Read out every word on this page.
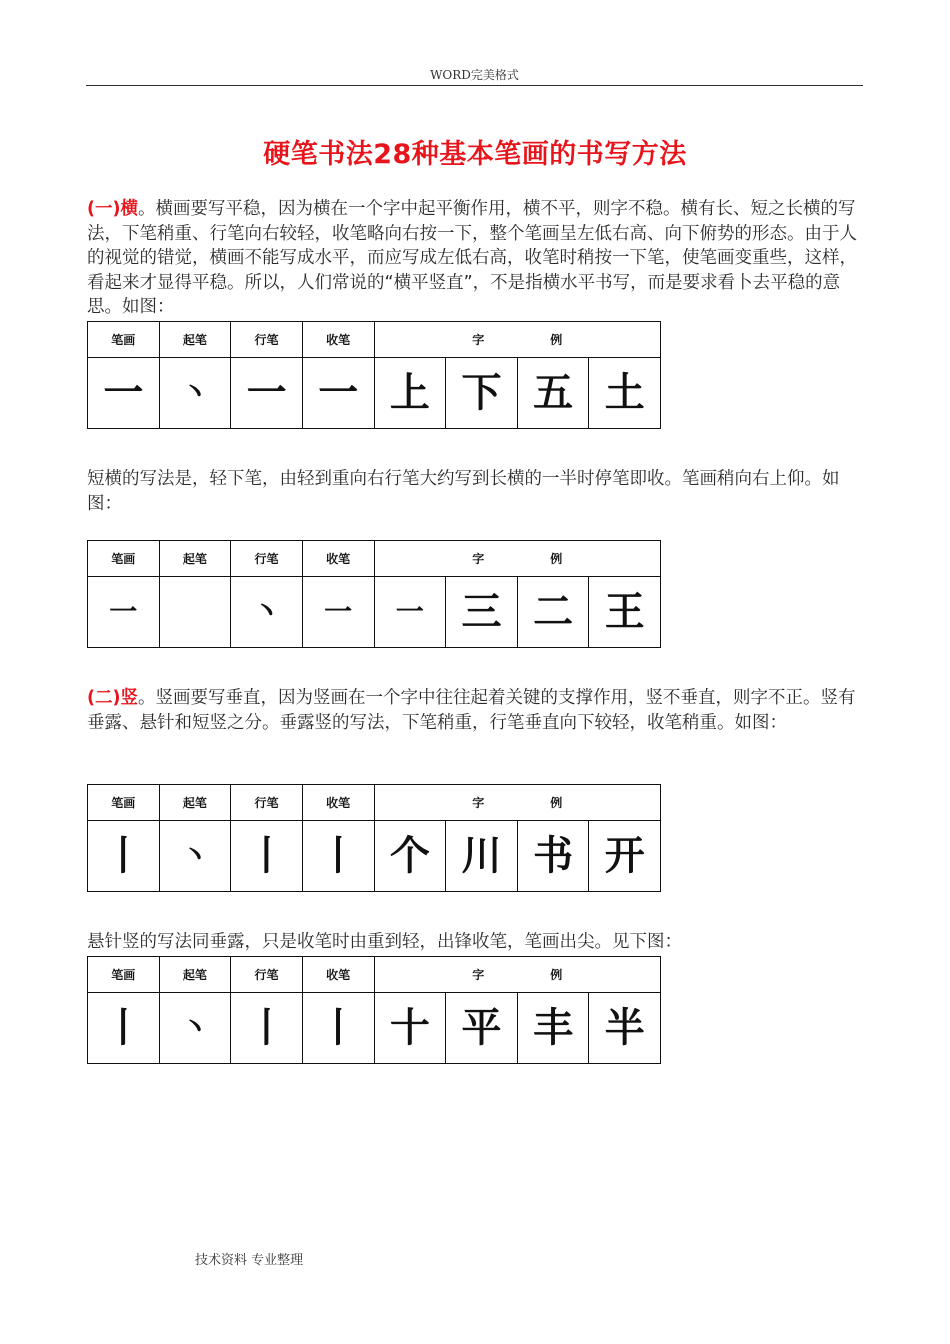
WORD完美格式
硬笔书法28种基本笔画的书写方法

(一)横。横画要写平稳，因为横在一个字中起平衡作用，横不平，则字不稳。横有长、短之长横的写法，下笔稍重、行笔向右较轻，收笔略向右按一下，整个笔画呈左低右高、向下俯势的形态。由于人的视觉的错觉，横画不能写成水平，而应写成左低右高，收笔时稍按一下笔，使笔画变重些，这样，看起来才显得平稳。所以，人们常说的“横平竖直”，不是指横水平书写，而是要求看卜去平稳的意思。如图：

笔画	起笔	行笔	收笔	字 例			
一	丶	一	一	上	下	五	土

短横的写法是，轻下笔，由轻到重向右行笔大约写到长横的一半时停笔即收。笔画稍向右上仰。如图：

笔画	起笔	行笔	收笔	字 例			
一		丶	一	一	三	二	王

(二)竖。竖画要写垂直，因为竖画在一个字中往往起着关键的支撑作用，竖不垂直，则字不正。竖有垂露、悬针和短竖之分。垂露竖的写法，下笔稍重，行笔垂直向下较轻，收笔稍重。如图：

笔画	起笔	行笔	收笔	字 例			
丨	丶	丨	丨	个	川	书	开

悬针竖的写法同垂露，只是收笔时由重到轻，出锋收笔，笔画出尖。见下图：

笔画	起笔	行笔	收笔	字 例			
丨	丶	丨	丨	十	平	丰	半
技术资料 专业整理
